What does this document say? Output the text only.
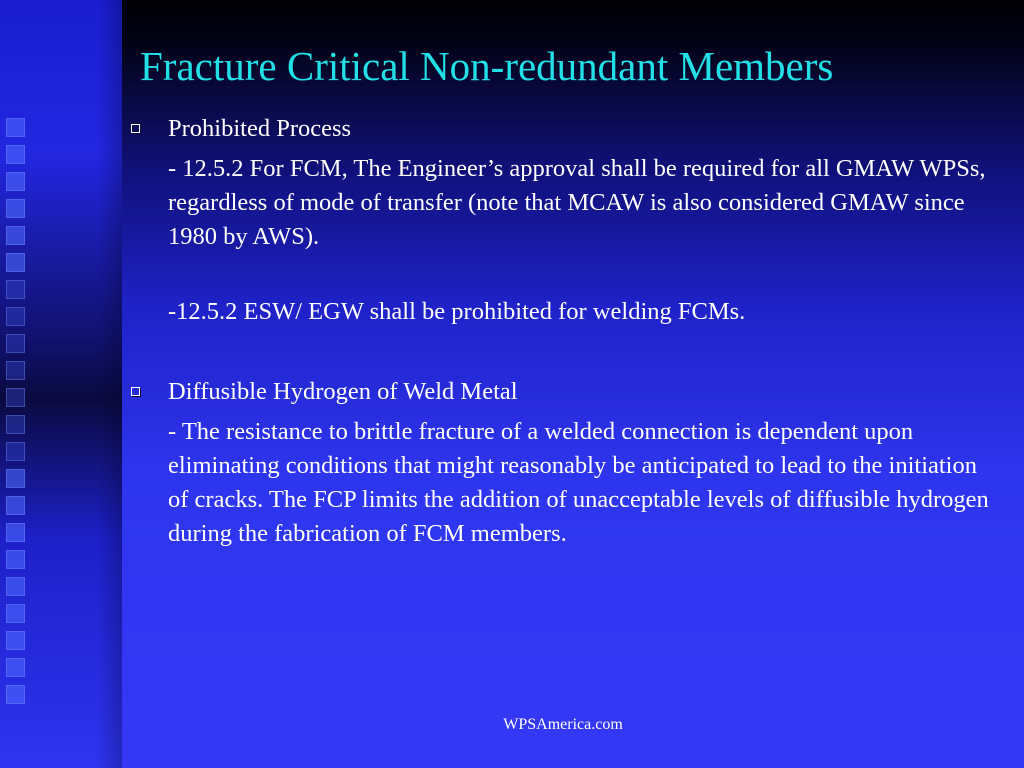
Fracture Critical Non-redundant Members
Prohibited Process

- 12.5.2 For FCM, The Engineer’s approval shall be required for all GMAW WPSs, regardless of mode of transfer (note that MCAW is also considered GMAW since 1980 by AWS).

-12.5.2 ESW/ EGW shall be prohibited for welding FCMs.

Diffusible Hydrogen of Weld Metal

- The resistance to brittle fracture of a welded connection is dependent upon eliminating conditions that might reasonably be anticipated to lead to the initiation of cracks. The FCP limits the addition of unacceptable levels of diffusible hydrogen during the fabrication of FCM members.

WPSAmerica.com
